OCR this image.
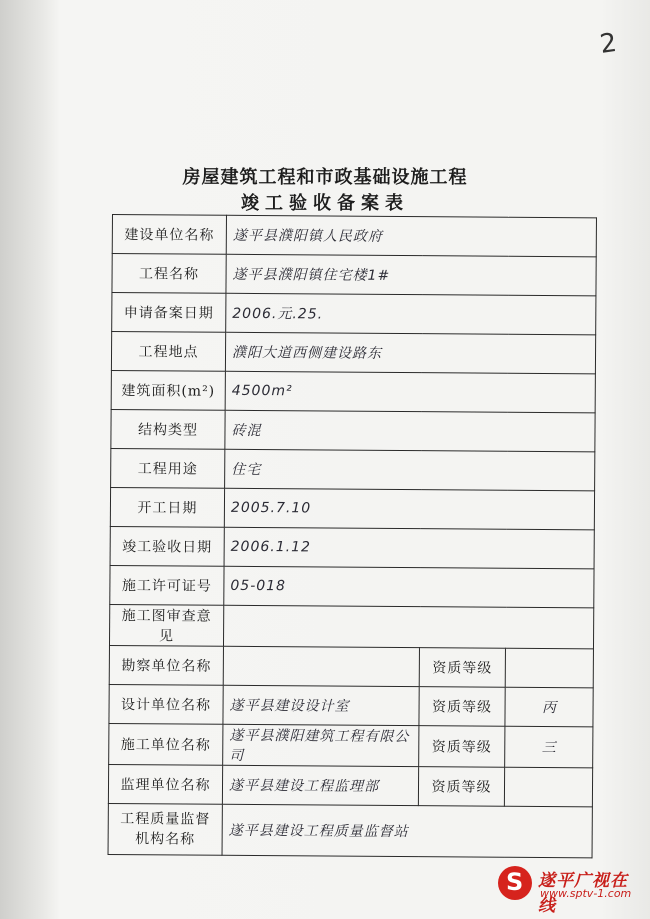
2
房屋建筑工程和市政基础设施工程
竣工验收备案表
建设单位名称	遂平县濮阳镇人民政府		
工程名称	遂平县濮阳镇住宅楼1#		
申请备案日期	2006.元.25.		
工程地点	濮阳大道西侧建设路东		
建筑面积(m²)	4500m²		
结构类型	砖混		
工程用途	住宅		
开工日期	2005.7.10		
竣工验收日期	2006.1.12		
施工许可证号	05-018		
施工图审查意见			
勘察单位名称		资质等级	
设计单位名称	遂平县建设设计室	资质等级	丙
施工单位名称	遂平县濮阳建筑工程有限公司	资质等级	三
监理单位名称	遂平县建设工程监理部	资质等级	

工程质量监督
机构名称	遂平县建设工程质量监督站		
S 遂平广视在线
www.sptv-1.com
